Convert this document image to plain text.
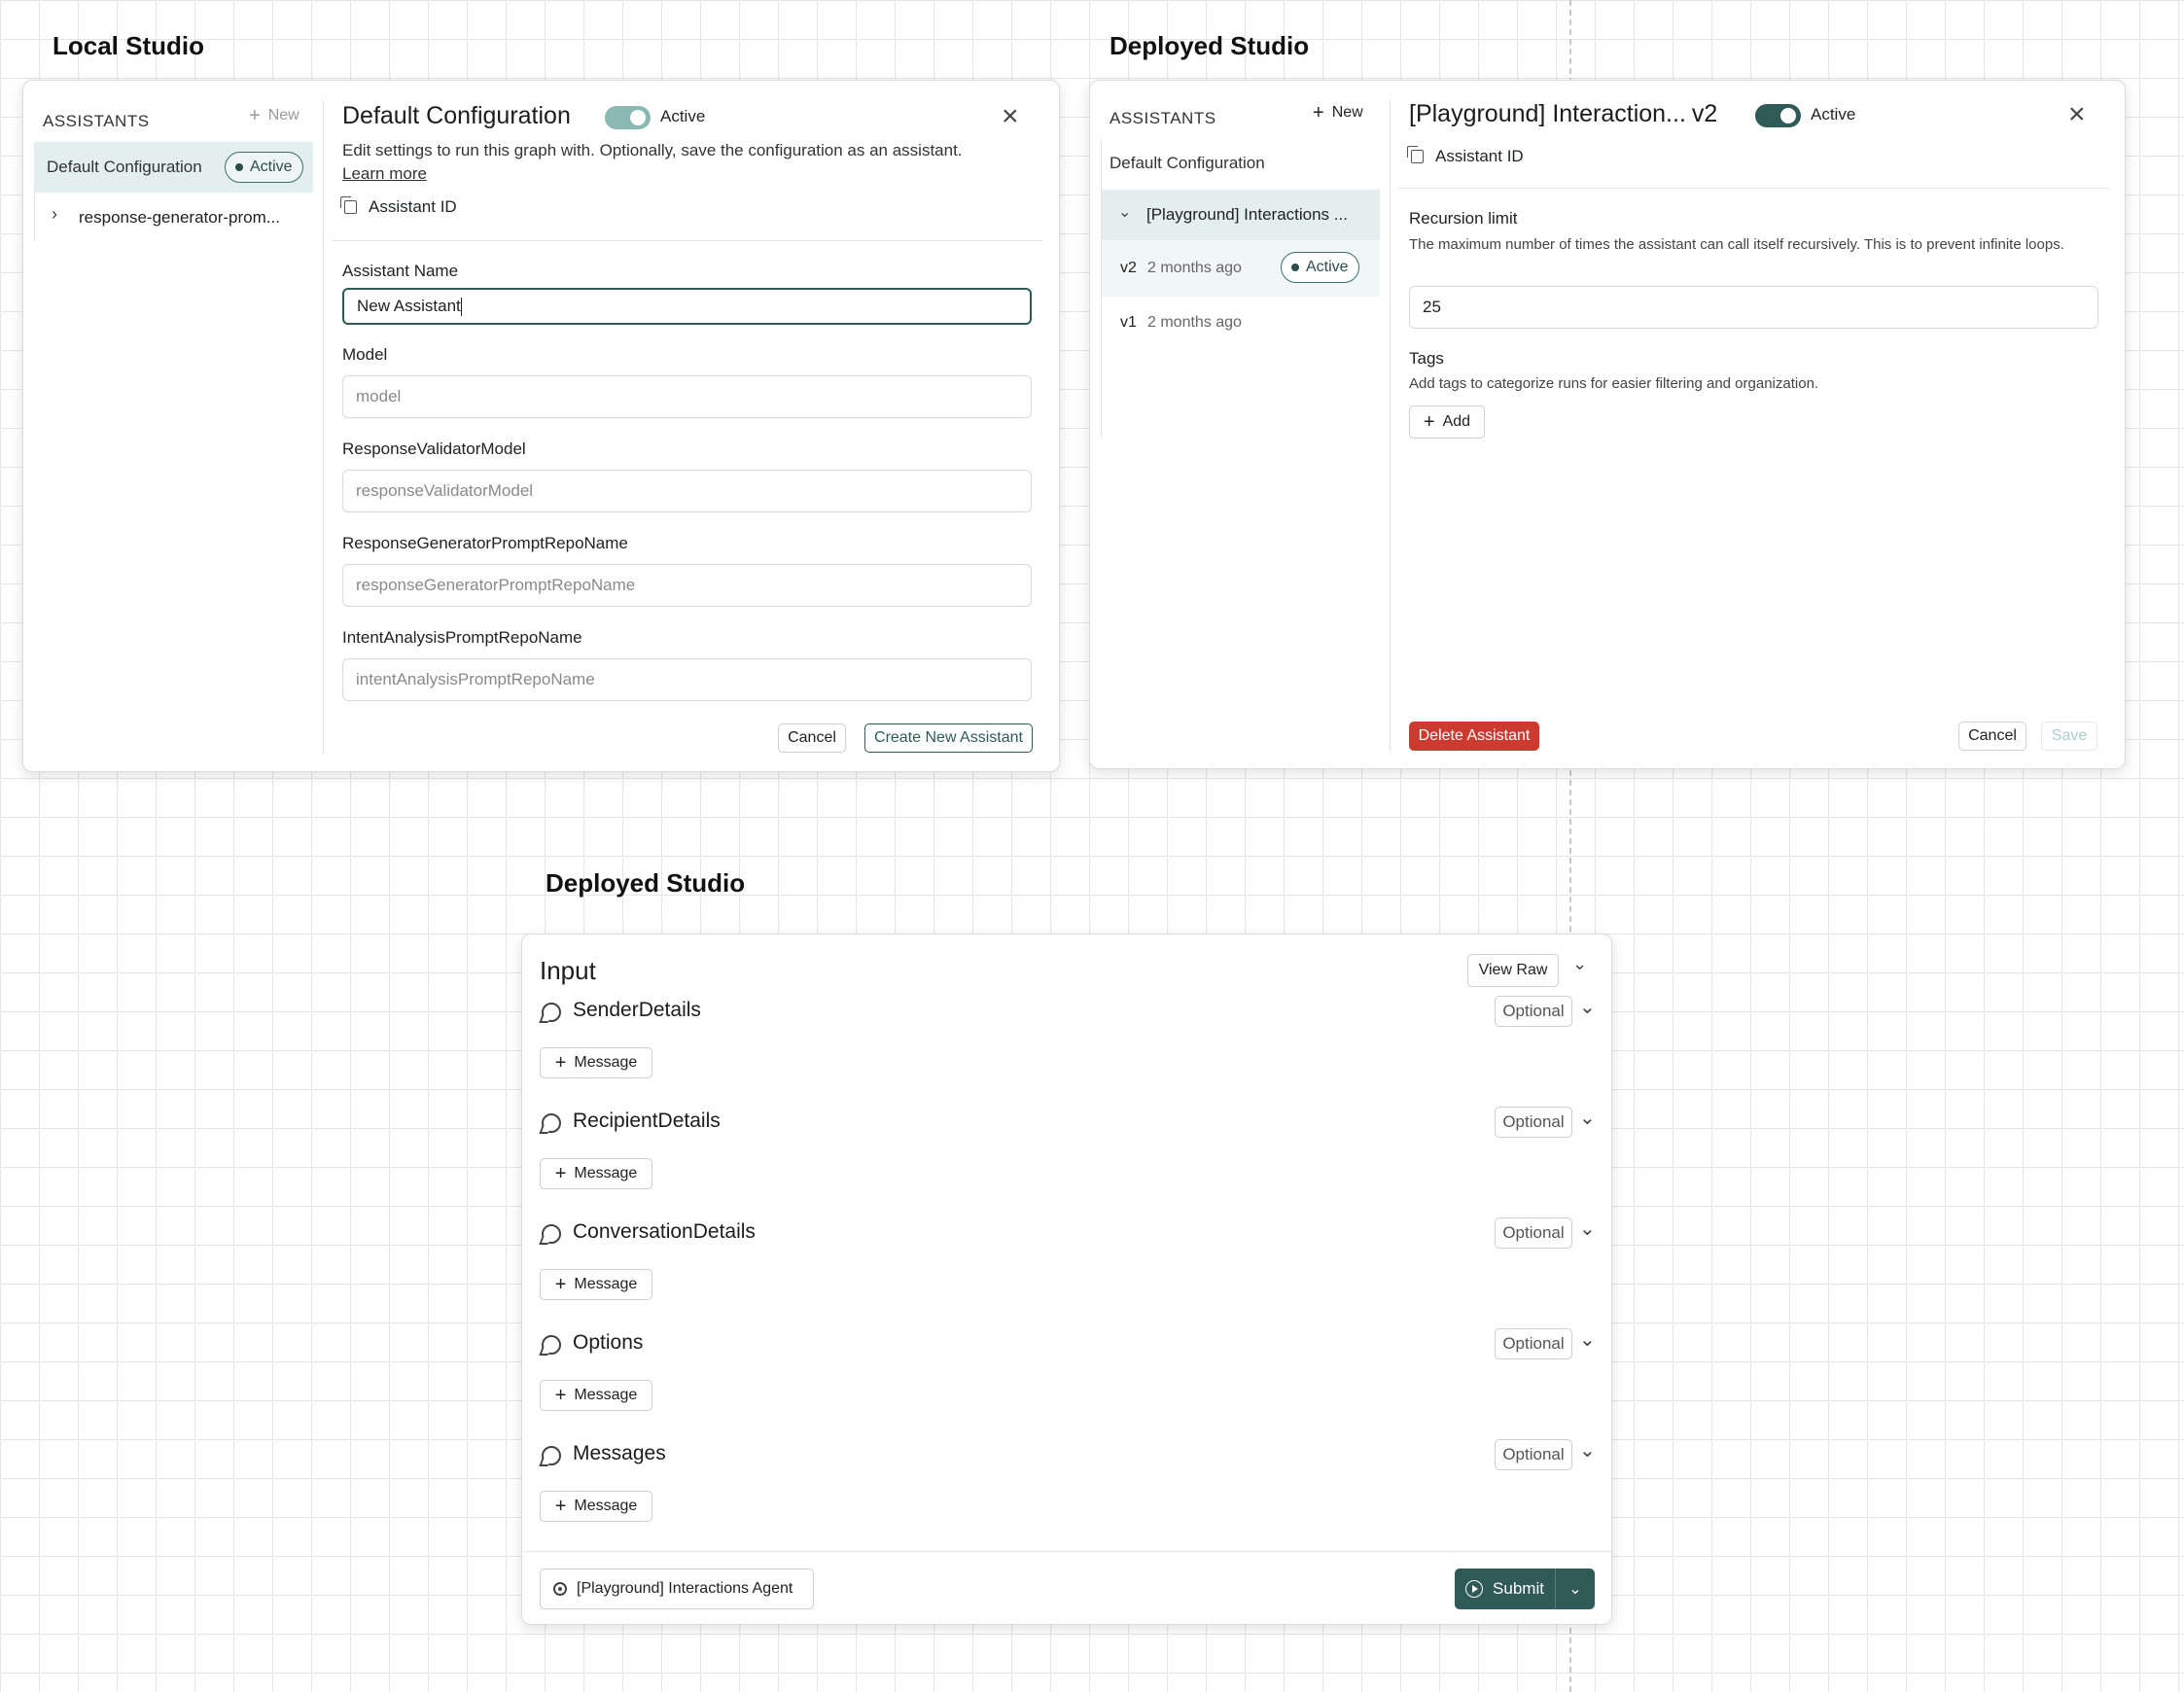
Local Studio
ASSISTANTS	+ New
Default Configuration	Active
› response-generator-prom...
Default Configuration	Active	×
Edit settings to run this graph with. Optionally, save the configuration as an assistant.
Learn more
Assistant ID
Assistant Name
New Assistant
Model
model
ResponseValidatorModel
responseValidatorModel
ResponseGeneratorPromptRepoName
responseGeneratorPromptRepoName
IntentAnalysisPromptRepoName
intentAnalysisPromptRepoName
Cancel	Create New Assistant
Deployed Studio
ASSISTANTS	+ New
Default Configuration
⌄ [Playground] Interactions ...
v2 2 months ago	Active
v1 2 months ago
[Playground] Interaction... v2	Active	×
Assistant ID
Recursion limit
The maximum number of times the assistant can call itself recursively. This is to prevent infinite loops.
25
Tags
Add tags to categorize runs for easier filtering and organization.
+ Add
Delete Assistant	Cancel	Save
Deployed Studio
Input	View Raw	⌄
SenderDetails	Optional ⌄
+ Message
RecipientDetails	Optional ⌄
+ Message
ConversationDetails	Optional ⌄
+ Message
Options	Optional ⌄
+ Message
Messages	Optional ⌄
+ Message
[Playground] Interactions Agent	Submit	⌄
